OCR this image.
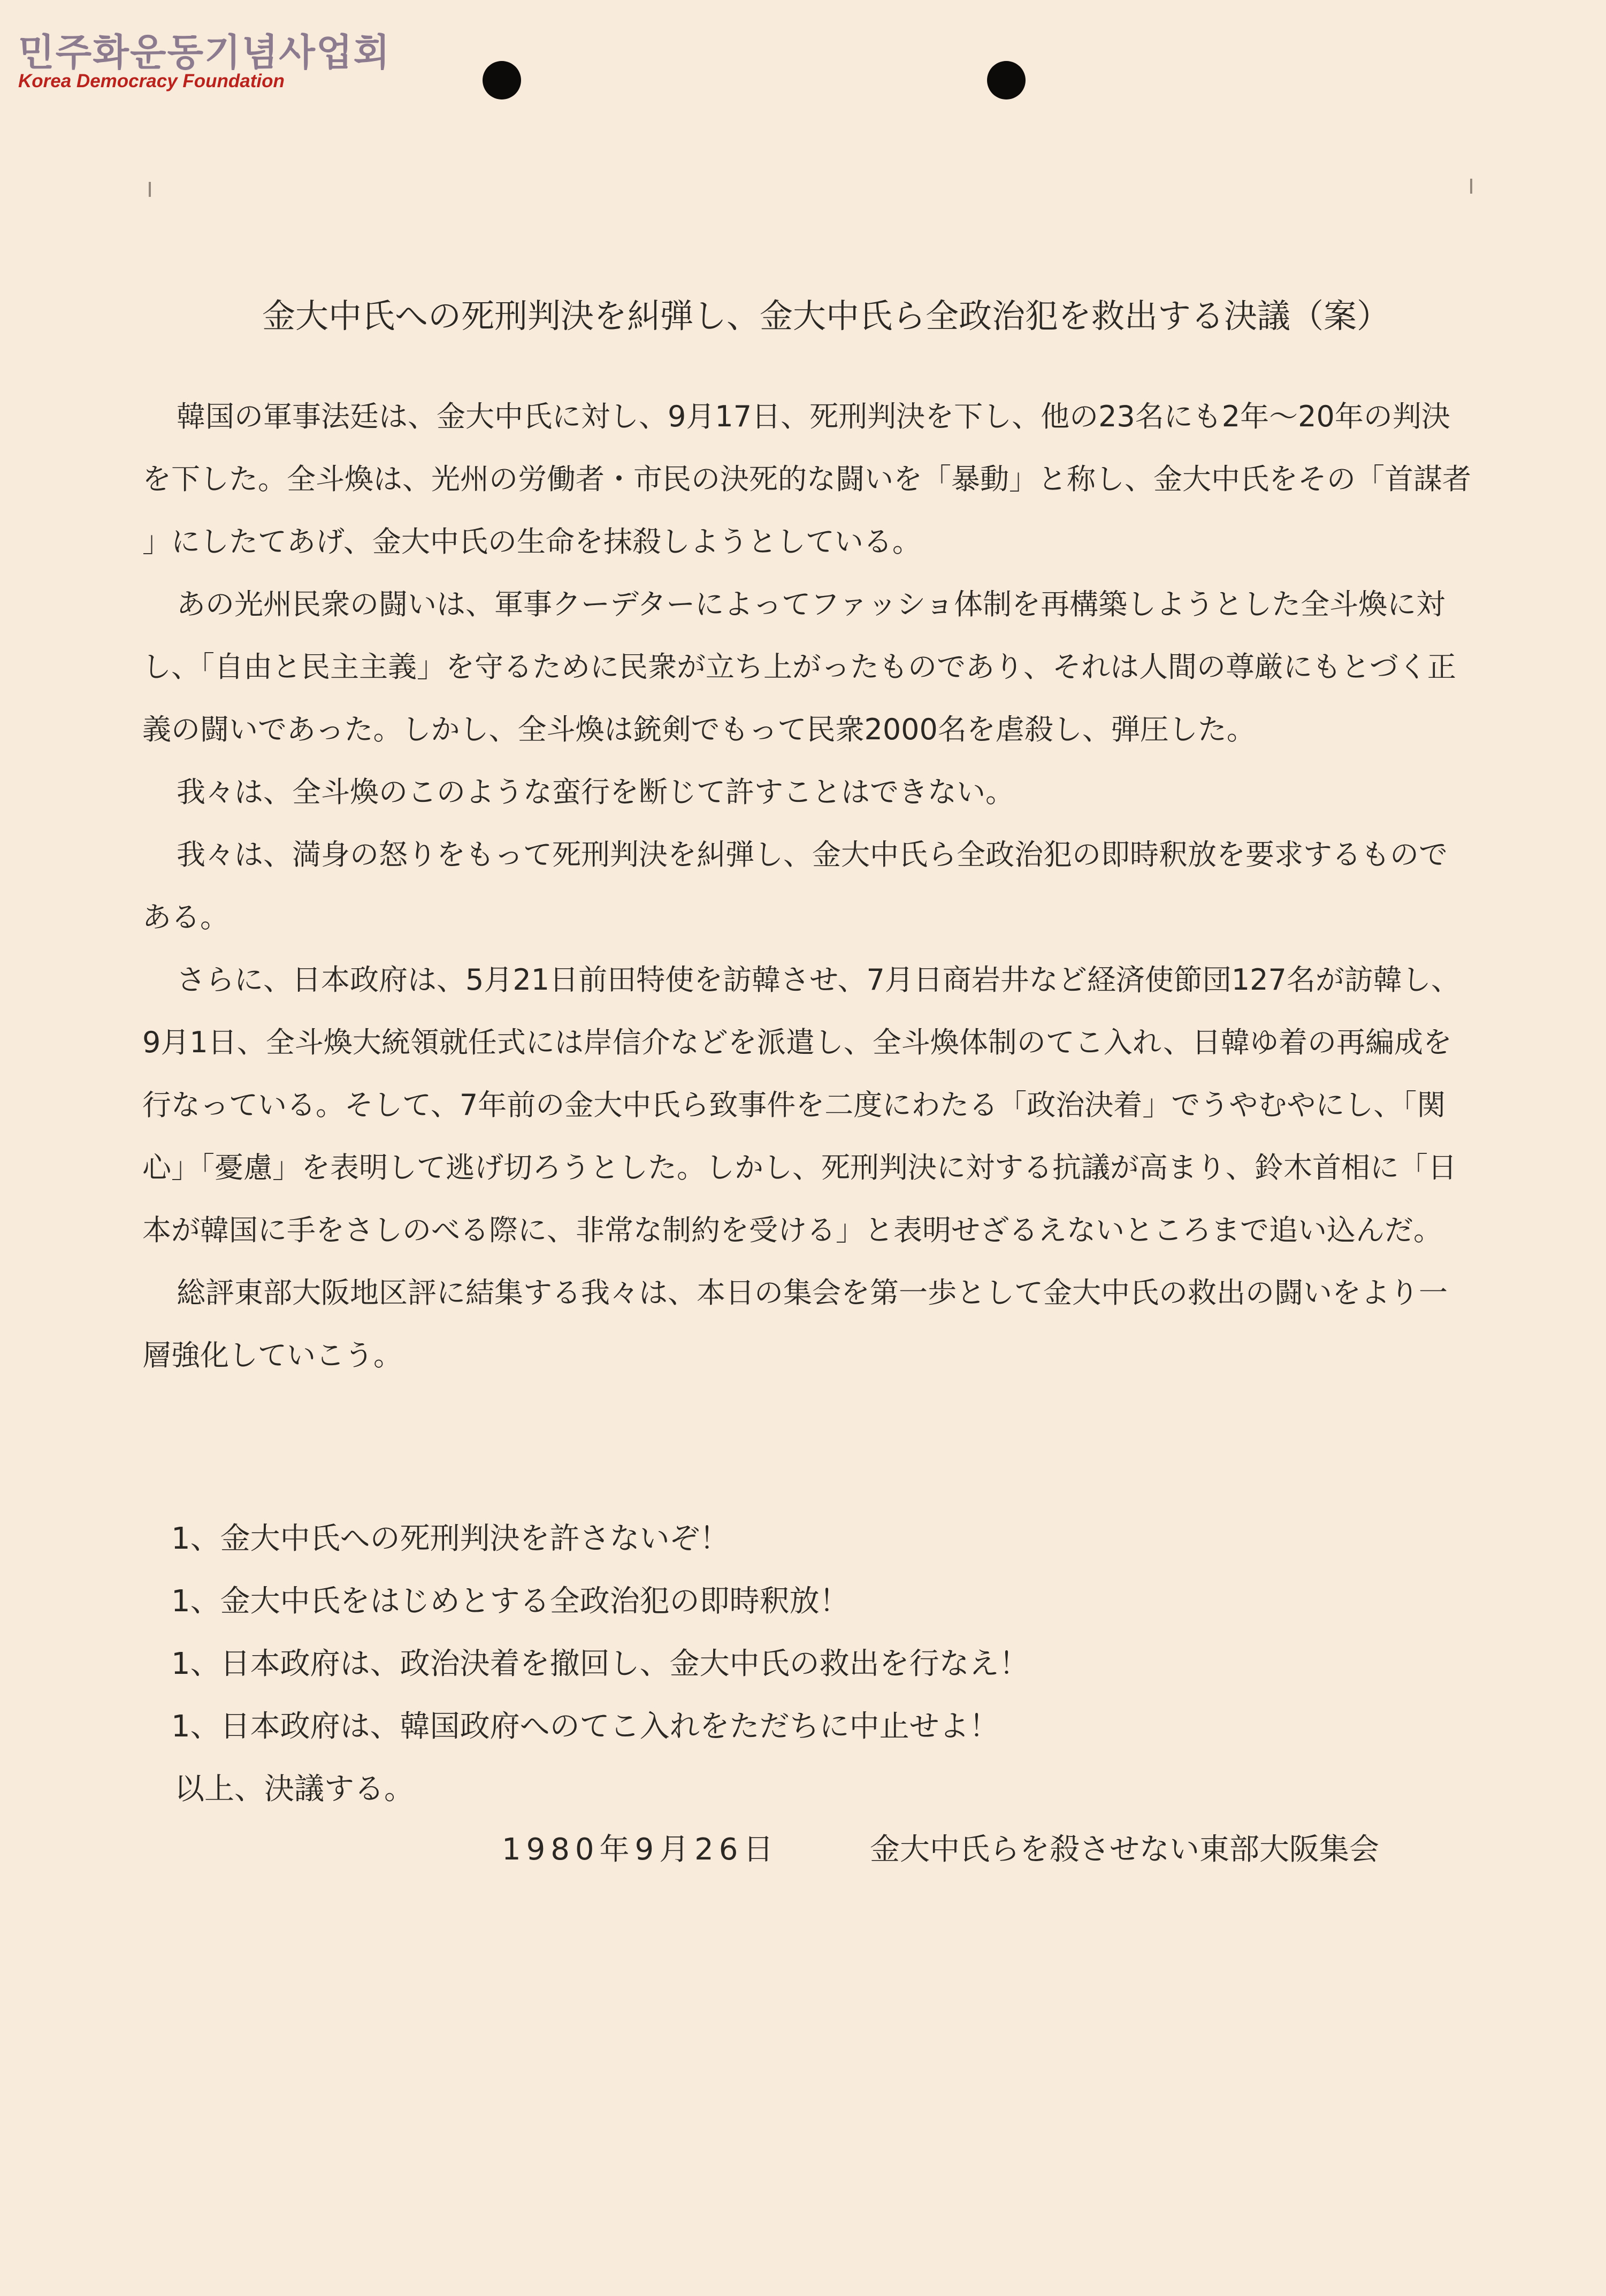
민주화운동기념사업회
Korea Democracy Foundation
金大中氏への死刑判決を糾弾し、金大中氏ら全政治犯を救出する決議（案）

韓国の軍事法廷は、金大中氏に対し、9月17日、死刑判決を下し、他の23名にも2年～20年の判決を下した。全斗煥は、光州の労働者・市民の決死的な闘いを「暴動」と称し、金大中氏をその「首謀者」にしたてあげ、金大中氏の生命を抹殺しようとしている。

あの光州民衆の闘いは、軍事クーデターによってファッショ体制を再構築しようとした全斗煥に対し、「自由と民主主義」を守るために民衆が立ち上がったものであり、それは人間の尊厳にもとづく正義の闘いであった。しかし、全斗煥は銃剣でもって民衆2000名を虐殺し、弾圧した。

我々は、全斗煥のこのような蛮行を断じて許すことはできない。

我々は、満身の怒りをもって死刑判決を糾弾し、金大中氏ら全政治犯の即時釈放を要求するものである。

さらに、日本政府は、5月21日前田特使を訪韓させ、7月日商岩井など経済使節団127名が訪韓し、9月1日、全斗煥大統領就任式には岸信介などを派遣し、全斗煥体制のてこ入れ、日韓ゆ着の再編成を行なっている。そして、7年前の金大中氏ら致事件を二度にわたる「政治決着」でうやむやにし、「関心」「憂慮」を表明して逃げ切ろうとした。しかし、死刑判決に対する抗議が高まり、鈴木首相に「日本が韓国に手をさしのべる際に、非常な制約を受ける」と表明せざるえないところまで追い込んだ。

総評東部大阪地区評に結集する我々は、本日の集会を第一歩として金大中氏の救出の闘いをより一層強化していこう。

1、金大中氏への死刑判決を許さないぞ！
1、金大中氏をはじめとする全政治犯の即時釈放！
1、日本政府は、政治決着を撤回し、金大中氏の救出を行なえ！
1、日本政府は、韓国政府へのてこ入れをただちに中止せよ！
以上、決議する。
1980年9月26日	金大中氏らを殺させない東部大阪集会
